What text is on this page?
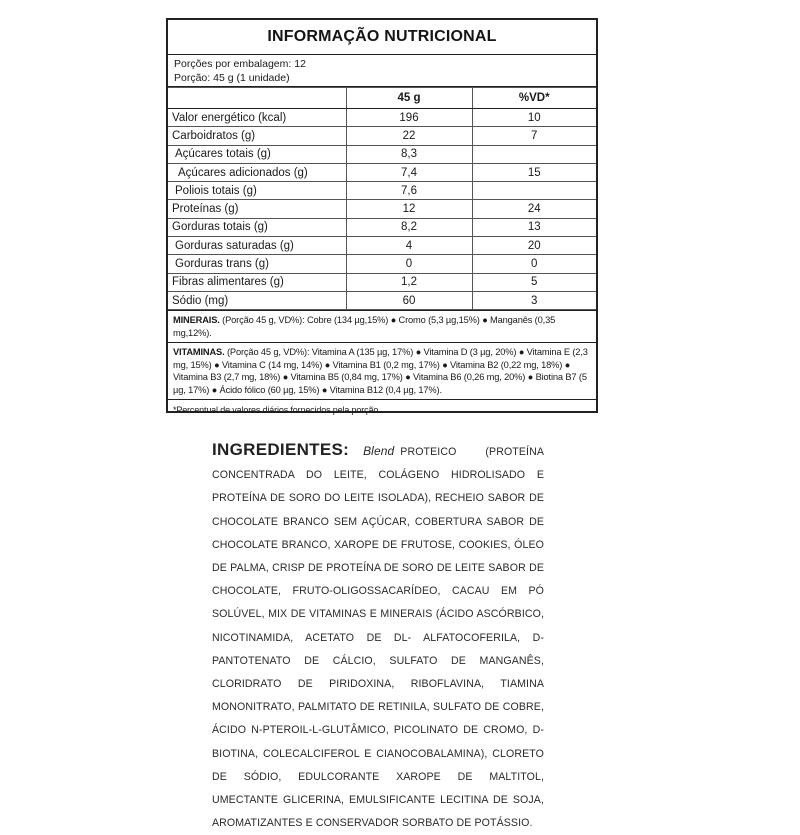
INFORMAÇÃO NUTRICIONAL
Porções por embalagem: 12
Porção: 45 g (1 unidade)
	45 g	%VD*
Valor energético (kcal)	196	10
Carboidratos (g)	22	7
Açúcares totais (g)	8,3	
Açúcares adicionados (g)	7,4	15
Poliois totais (g)	7,6	
Proteínas (g)	12	24
Gorduras totais (g)	8,2	13
Gorduras saturadas (g)	4	20
Gorduras trans (g)	0	0
Fibras alimentares (g)	1,2	5
Sódio (mg)	60	3
MINERAIS. (Porção 45 g, VD%): Cobre (134 µg,15%) ● Cromo (5,3 µg,15%) ● Manganês (0,35 mg,12%).
VITAMINAS. (Porção 45 g, VD%): Vitamina A (135 µg, 17%) ● Vitamina D (3 µg, 20%) ● Vitamina E (2,3 mg, 15%) ● Vitamina C (14 mg, 14%) ● Vitamina B1 (0,2 mg, 17%) ● Vitamina B2 (0,22 mg, 18%) ● Vitamina B3 (2,7 mg, 18%) ● Vitamina B5 (0,84 mg, 17%) ● Vitamina B6 (0,26 mg, 20%) ● Biotina B7 (5 µg, 17%) ● Ácido fólico (60 µg, 15%) ● Vitamina B12 (0,4 µg, 17%).
*Percentual de valores diários fornecidos pela porção.
INGREDIENTES: Blend PROTEICO (PROTEÍNA CONCENTRADA DO LEITE, COLÁGENO HIDROLISADO E PROTEÍNA DE SORO DO LEITE ISOLADA), RECHEIO SABOR DE CHOCOLATE BRANCO SEM AÇÚCAR, COBERTURA SABOR DE CHOCOLATE BRANCO, XAROPE DE FRUTOSE, COOKIES, ÓLEO DE PALMA, CRISP DE PROTEÍNA DE SORO DE LEITE SABOR DE CHOCOLATE, FRUTO-OLIGOSSACARÍDEO, CACAU EM PÓ SOLÚVEL, MIX DE VITAMINAS E MINERAIS (ÁCIDO ASCÓRBICO, NICOTINAMIDA, ACETATO DE DL- ALFATOCOFERILA, D-PANTOTENATO DE CÁLCIO, SULFATO DE MANGANÊS, CLORIDRATO DE PIRIDOXINA, RIBOFLAVINA, TIAMINA MONONITRATO, PALMITATO DE RETINILA, SULFATO DE COBRE, ÁCIDO N-PTEROIL-L-GLUTÂMICO, PICOLINATO DE CROMO, D-BIOTINA, COLECALCIFEROL E CIANOCOBALAMINA), CLORETO DE SÓDIO, EDULCORANTE XAROPE DE MALTITOL, UMECTANTE GLICERINA, EMULSIFICANTE LECITINA DE SOJA, AROMATIZANTES E CONSERVADOR SORBATO DE POTÁSSIO.
